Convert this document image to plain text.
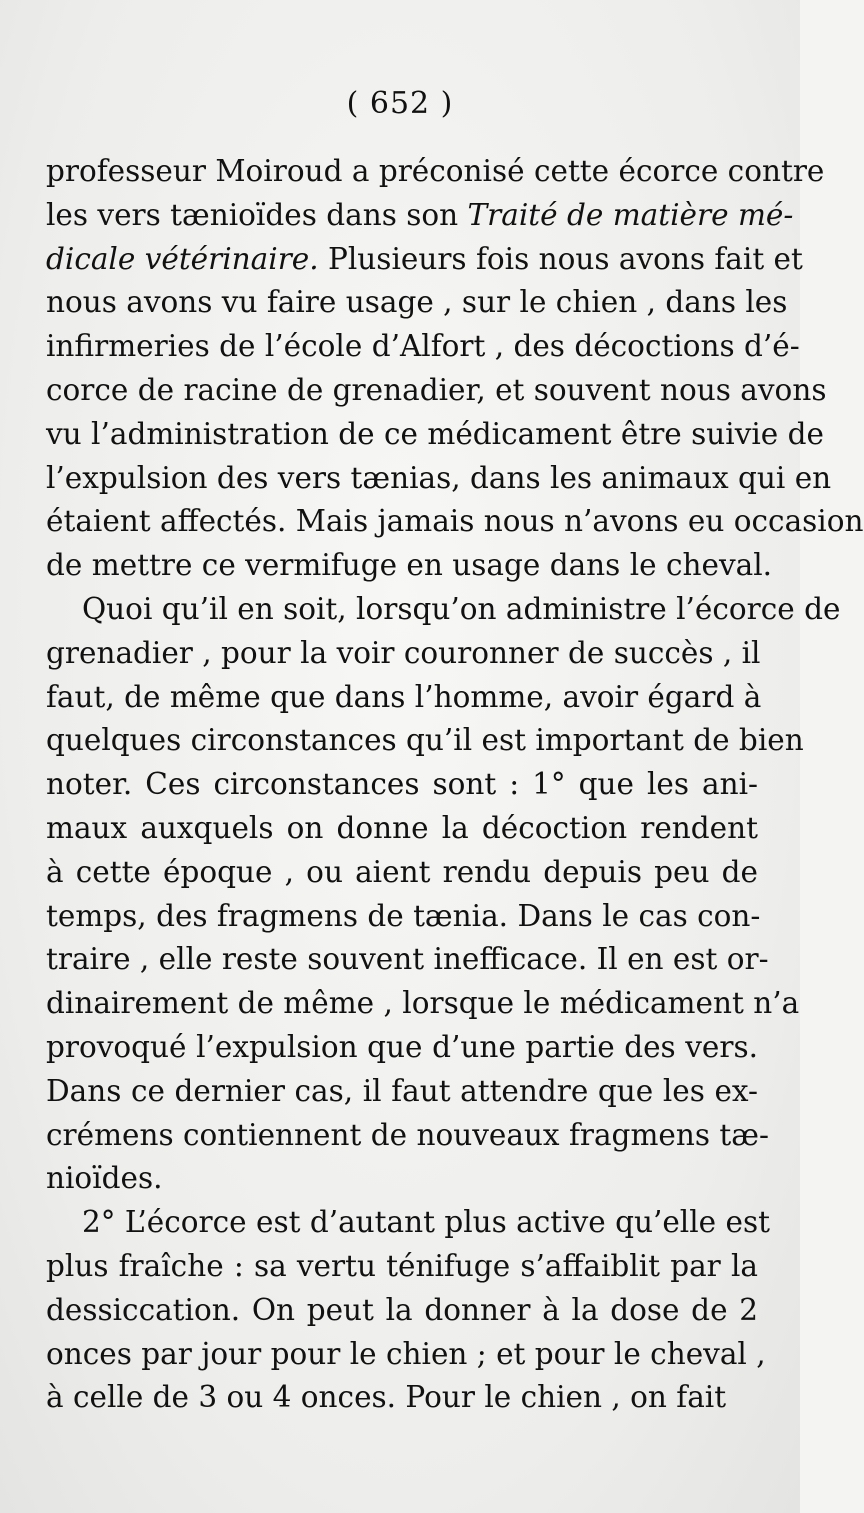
( 652 )
professeur Moiroud a préconisé cette écorce contre
les vers tænioïdes dans son Traité de matière mé-
dicale vétérinaire. Plusieurs fois nous avons fait et
nous avons vu faire usage , sur le chien , dans les
infirmeries de l’école d’Alfort , des décoctions d’é-
corce de racine de grenadier, et souvent nous avons
vu l’administration de ce médicament être suivie de
l’expulsion des vers tænias, dans les animaux qui en
étaient affectés. Mais jamais nous n’avons eu occasion
de mettre ce vermifuge en usage dans le cheval.
Quoi qu’il en soit, lorsqu’on administre l’écorce de
grenadier , pour la voir couronner de succès , il
faut, de même que dans l’homme, avoir égard à
quelques circonstances qu’il est important de bien
noter. Ces circonstances sont : 1° que les ani-
maux auxquels on donne la décoction rendent
à cette époque , ou aient rendu depuis peu de
temps, des fragmens de tænia. Dans le cas con-
traire , elle reste souvent inefficace. Il en est or-
dinairement de même , lorsque le médicament n’a
provoqué l’expulsion que d’une partie des vers.
Dans ce dernier cas, il faut attendre que les ex-
crémens contiennent de nouveaux fragmens tæ-
nioïdes.
2° L’écorce est d’autant plus active qu’elle est
plus fraîche : sa vertu ténifuge s’affaiblit par la
dessiccation. On peut la donner à la dose de 2
onces par jour pour le chien ; et pour le cheval ,
à celle de 3 ou 4 onces. Pour le chien , on fait
